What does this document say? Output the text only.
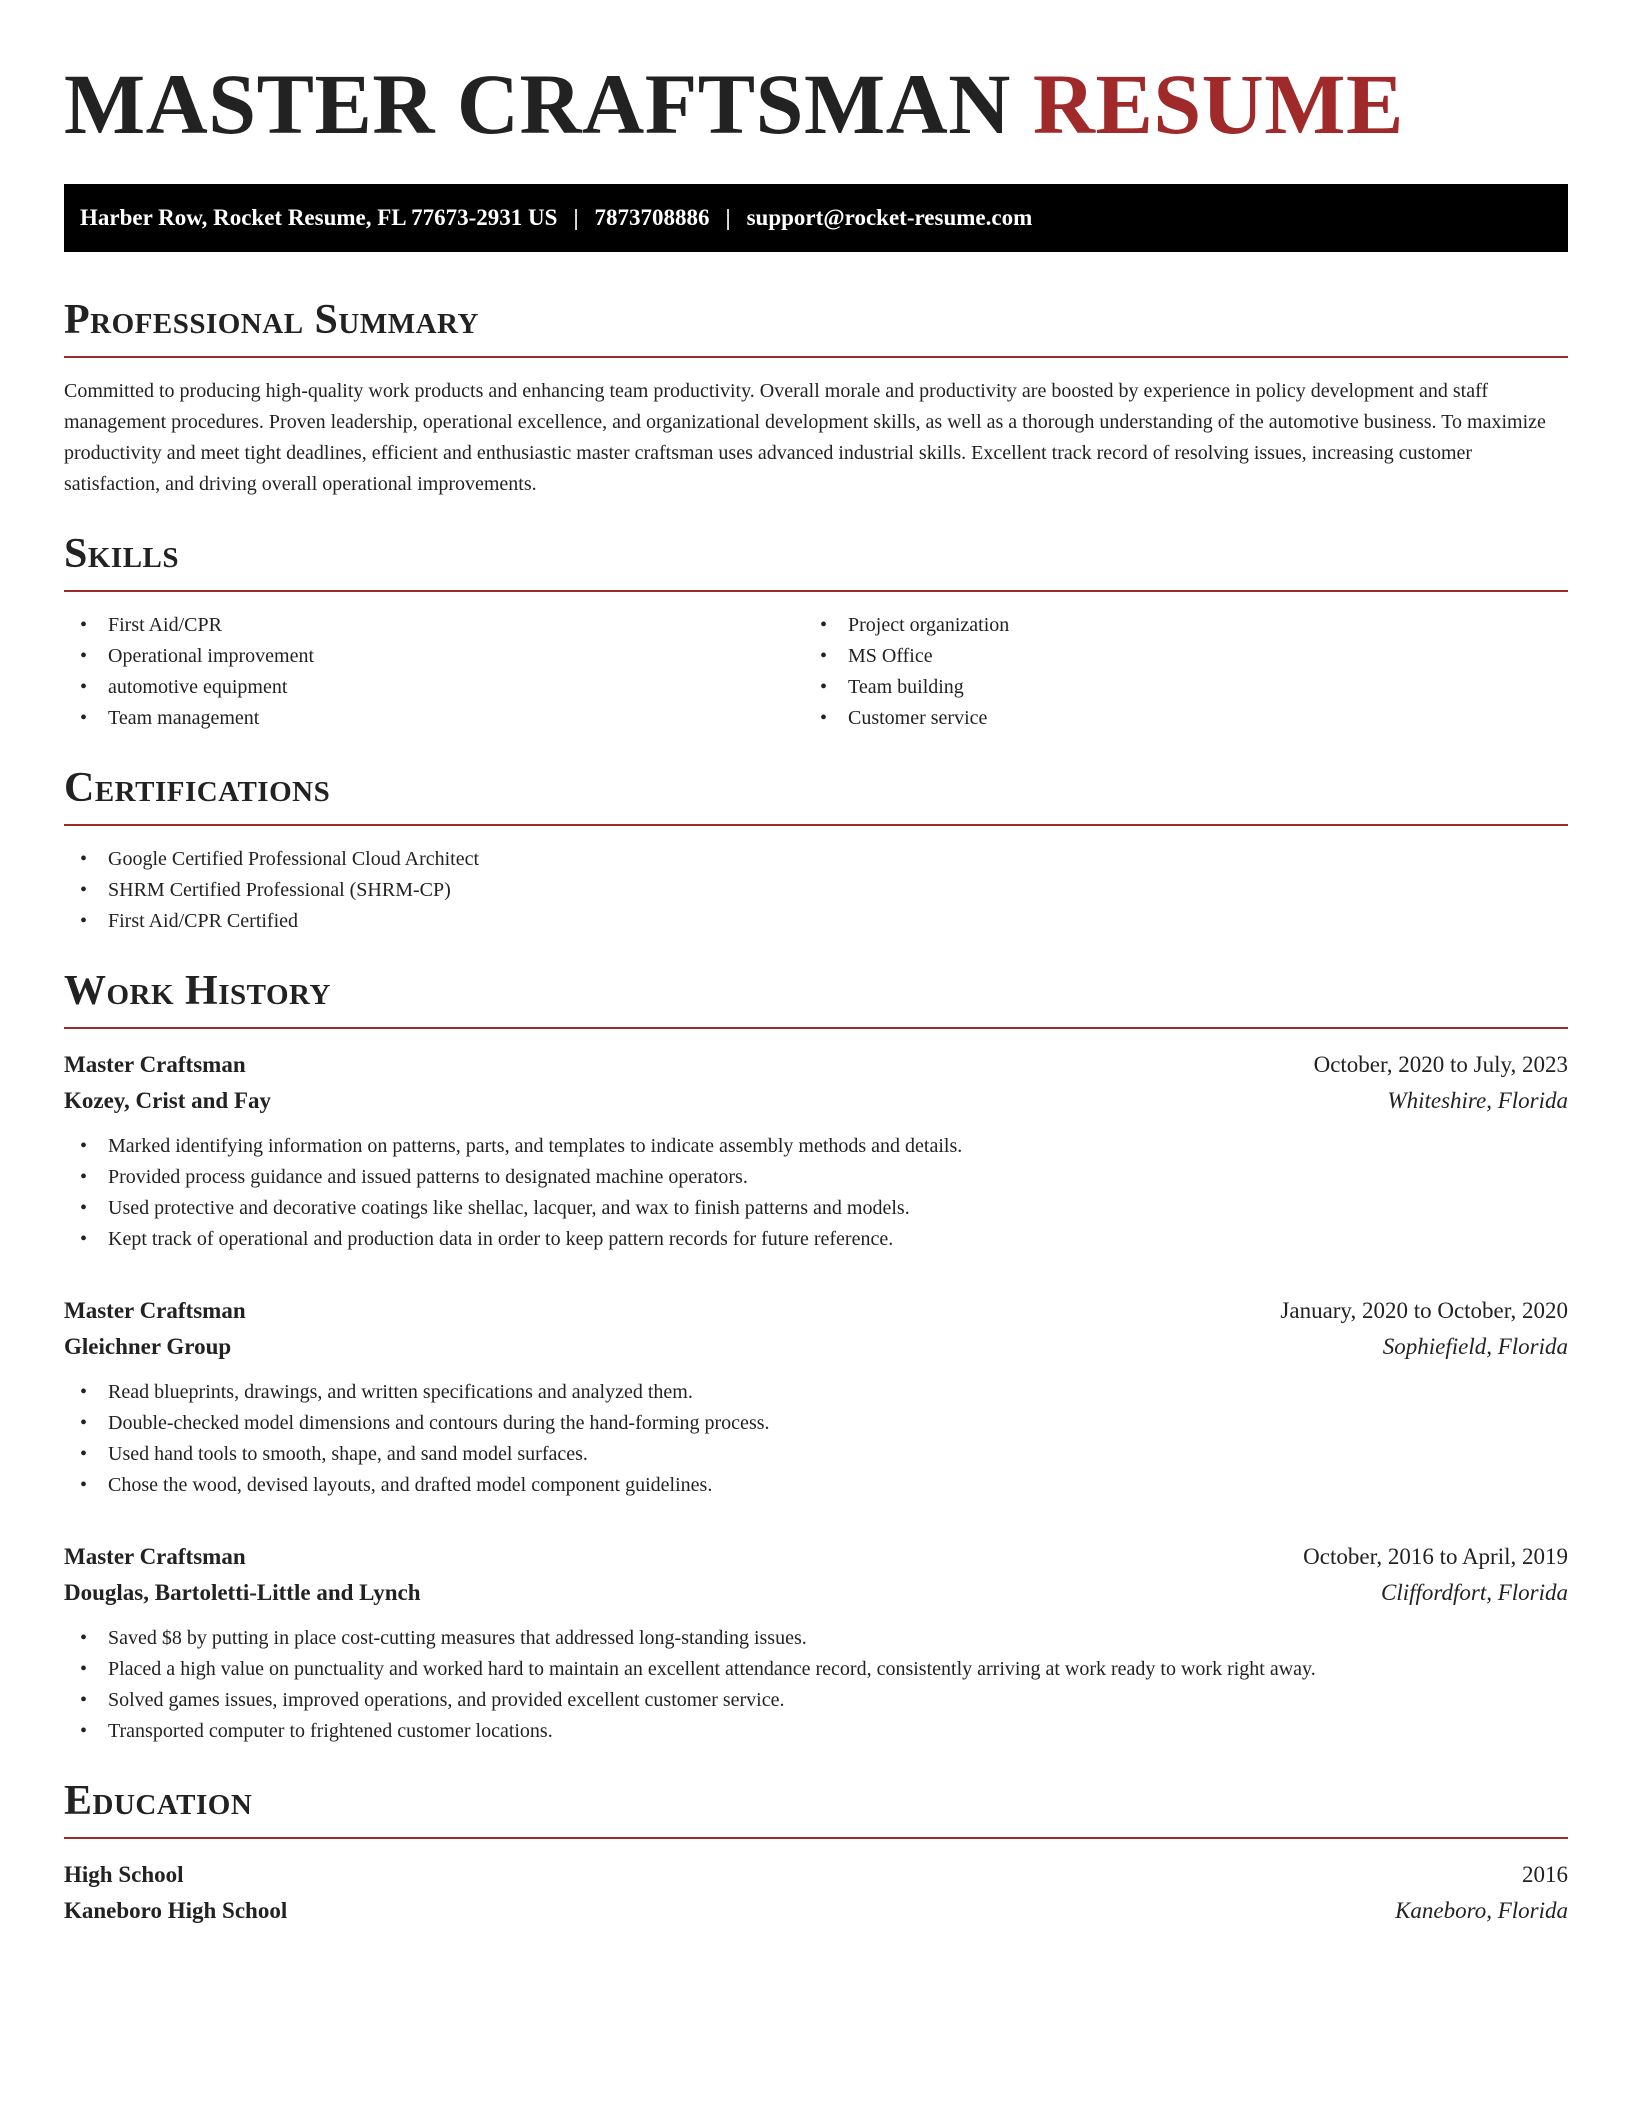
MASTER CRAFTSMAN RESUME
Harber Row, Rocket Resume, FL 77673-2931 US | 7873708886 | support@rocket-resume.com
Professional Summary
Committed to producing high-quality work products and enhancing team productivity. Overall morale and productivity are boosted by experience in policy development and staff management procedures. Proven leadership, operational excellence, and organizational development skills, as well as a thorough understanding of the automotive business. To maximize productivity and meet tight deadlines, efficient and enthusiastic master craftsman uses advanced industrial skills. Excellent track record of resolving issues, increasing customer satisfaction, and driving overall operational improvements.
Skills
• First Aid/CPR
• Operational improvement
• automotive equipment
• Team management
• Project organization
• MS Office
• Team building
• Customer service
Certifications
• Google Certified Professional Cloud Architect
• SHRM Certified Professional (SHRM-CP)
• First Aid/CPR Certified
Work History
Master Craftsman	October, 2020 to July, 2023
Kozey, Crist and Fay	Whiteshire, Florida
• Marked identifying information on patterns, parts, and templates to indicate assembly methods and details.
• Provided process guidance and issued patterns to designated machine operators.
• Used protective and decorative coatings like shellac, lacquer, and wax to finish patterns and models.
• Kept track of operational and production data in order to keep pattern records for future reference.
Master Craftsman	January, 2020 to October, 2020
Gleichner Group	Sophiefield, Florida
• Read blueprints, drawings, and written specifications and analyzed them.
• Double-checked model dimensions and contours during the hand-forming process.
• Used hand tools to smooth, shape, and sand model surfaces.
• Chose the wood, devised layouts, and drafted model component guidelines.
Master Craftsman	October, 2016 to April, 2019
Douglas, Bartoletti-Little and Lynch	Cliffordfort, Florida
• Saved $8 by putting in place cost-cutting measures that addressed long-standing issues.
• Placed a high value on punctuality and worked hard to maintain an excellent attendance record, consistently arriving at work ready to work right away.
• Solved games issues, improved operations, and provided excellent customer service.
• Transported computer to frightened customer locations.
Education
High School	2016
Kaneboro High School	Kaneboro, Florida
